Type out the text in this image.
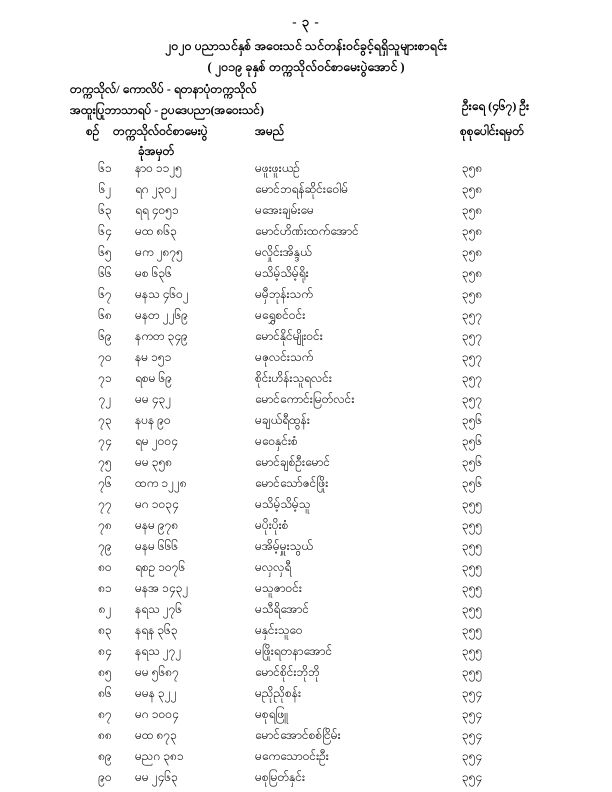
- ၃ -
၂၀၂၀ ပညာသင်နှစ် အဝေးသင် သင်တန်းဝင်ခွင့်ရရှိသူများစာရင်း
( ၂၀၁၉ ခုနှစ် တက္ကသိုလ်ဝင်စာမေးပွဲအောင် )
တက္ကသိုလ်/ ကောလိပ် - ရတနာပုံတက္ကသိုလ်
အထူးပြုဘာသာရပ် - ဥပဒေပညာ(အဝေးသင်)	ဦးရေ (၄၆၇) ဦး
စဉ် တက္ကသိုလ်ဝင်စာမေးပွဲ	အမည်	စုစုပေါင်းရမှတ်
ခုံအမှတ်
၆၁	နာဝ ၁၁၂၅	မဖူးဖူးယဉ်	၃၅၈
၆၂	ရဂ ၂၃၀၂	မောင်ဘရန်ဆိုင်းဝေါမ်	၃၅၈
၆၃	ရရ ၄၀၅၁	မအေးချမ်းမေ	၃၅၈
၆၄	မထ ၈၆၃	မောင်ဟိဏ်းထက်အောင်	၃၅၈
၆၅	မက ၂၈၇၅	မလှိုင်းအိန္ဒယ်	၃၅၈
၆၆	မစ ၆၃၆	မသိမ့်သိမ့်ရိုး	၃၅၈
၆၇	မနသ ၄၆၀၂	မမှီဘုန်းသက်	၃၅၈
၆၈	မနတ ၂၂၆၉	မရွှေစင်ဝင်း	၃၅၇
၆၉	နကတ ၃၄၉	မောင်နိုင်မျိုးဝင်း	၃၅၇
၇၀	နမ ၁၅၁	မဇုလင်းသက်	၃၅၇
၇၁	ရစမ ၆၉	စိုင်းဟိန်းသူရလင်း	၃၅၇
၇၂	မမ ၄၃၂	မောင်ကောင်းမြတ်လင်း	၃၅၇
၇၃	နပန ၉၀	မချယ်ရီထွန်း	၃၅၆
၇၄	ရမ ၂၀၀၄	မဝေနှင်းစံ	၃၅၆
၇၅	မမ ၃၅၈	မောင်ချစ်ဦးမောင်	၃၅၆
၇၆	ထက ၁၂၂၈	မောင်သော်ဇင်ဖြိုး	၃၅၆
၇၇	မဂ ၁၀၃၄	မသိမ့်သိမ့်သူ	၃၅၅
၇၈	မနမ ၉၇၈	မပိုးပိုးစံ	၃၅၅
၇၉	မနမ ၆၆၆	မအိမ့်မှူးသွယ်	၃၅၅
၈၀	ရစဥ ၁၀၇၆	မလှလှရီ	၃၅၅
၈၁	မနအ ၁၄၃၂	မသူဇာဝင်း	၃၅၅
၈၂	နရသ ၂၇၆	မသီရိအောင်	၃၅၅
၈၃	နရန ၃၆၃	မနှင်းသူဝေ	၃၅၅
၈၄	နရသ ၂၇၂	မဖြိုးရတနာအောင်	၃၅၅
၈၅	မမ ၅၆၈၇	မောင်စိုင်းဘိုဘို	၃၅၅
၈၆	မမန ၃၂၂	မညိုညိုစန်း	၃၅၄
၈၇	မဂ ၁၀၀၄	မစုရဖြူ	၃၅၄
၈၈	မထ ၈၇၃	မောင်အောင်စစ်ငြိမ်း	၃၅၄
၈၉	မညဂ ၃၈၁	မကေသောဝင်းဦး	၃၅၄
၉၀	မမ ၂၄၆၃	မစုမြတ်နှင်း	၃၅၄
